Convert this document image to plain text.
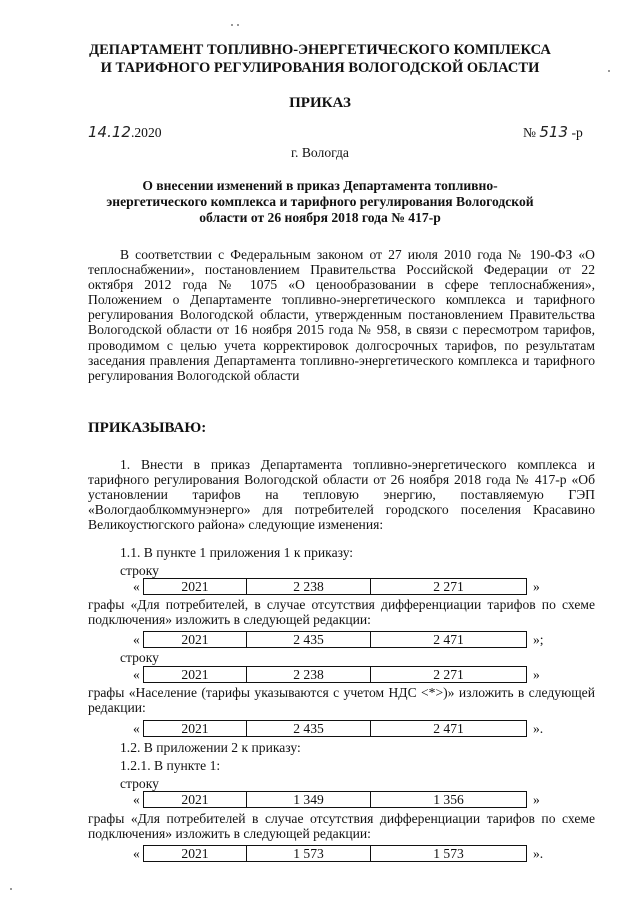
ДЕПАРТАМЕНТ ТОПЛИВНО-ЭНЕРГЕТИЧЕСКОГО КОМПЛЕКСА
И ТАРИФНОГО РЕГУЛИРОВАНИЯ ВОЛОГОДСКОЙ ОБЛАСТИ
ПРИКАЗ
14.12.2020	№ 513 -р
г. Вологда
О внесении изменений в приказ Департамента топливно-
энергетического комплекса и тарифного регулирования Вологодской
области от 26 ноября 2018 года № 417-р
В соответствии с Федеральным законом от 27 июля 2010 года № 190-ФЗ «О теплоснабжении», постановлением Правительства Российской Федерации от 22 октября 2012 года № 1075 «О ценообразовании в сфере теплоснабжения», Положением о Департаменте топливно-энергетического комплекса и тарифного регулирования Вологодской области, утвержденным постановлением Правительства Вологодской области от 16 ноября 2015 года № 958, в связи с пересмотром тарифов, проводимом с целью учета корректировок долгосрочных тарифов, по результатам заседания правления Департамента топливно-энергетического комплекса и тарифного регулирования Вологодской области
ПРИКАЗЫВАЮ:
1. Внести в приказ Департамента топливно-энергетического комплекса и тарифного регулирования Вологодской области от 26 ноября 2018 года № 417-р «Об установлении тарифов на тепловую энергию, поставляемую ГЭП «Вологдаоблкоммунэнерго» для потребителей городского поселения Красавино Великоустюгского района» следующие изменения:
1.1. В пункте 1 приложения 1 к приказу:
строку
«	2021	2 238	2 271	»
графы «Для потребителей, в случае отсутствия дифференциации тарифов по схеме подключения» изложить в следующей редакции:
«	2021	2 435	2 471	»;
строку
«	2021	2 238	2 271	»
графы «Население (тарифы указываются с учетом НДС <*>)» изложить в следующей редакции:
«	2021	2 435	2 471	».
1.2. В приложении 2 к приказу:
1.2.1. В пункте 1:
строку
«	2021	1 349	1 356	»
графы «Для потребителей в случае отсутствия дифференциации тарифов по схеме подключения» изложить в следующей редакции:
«	2021	1 573	1 573	».
